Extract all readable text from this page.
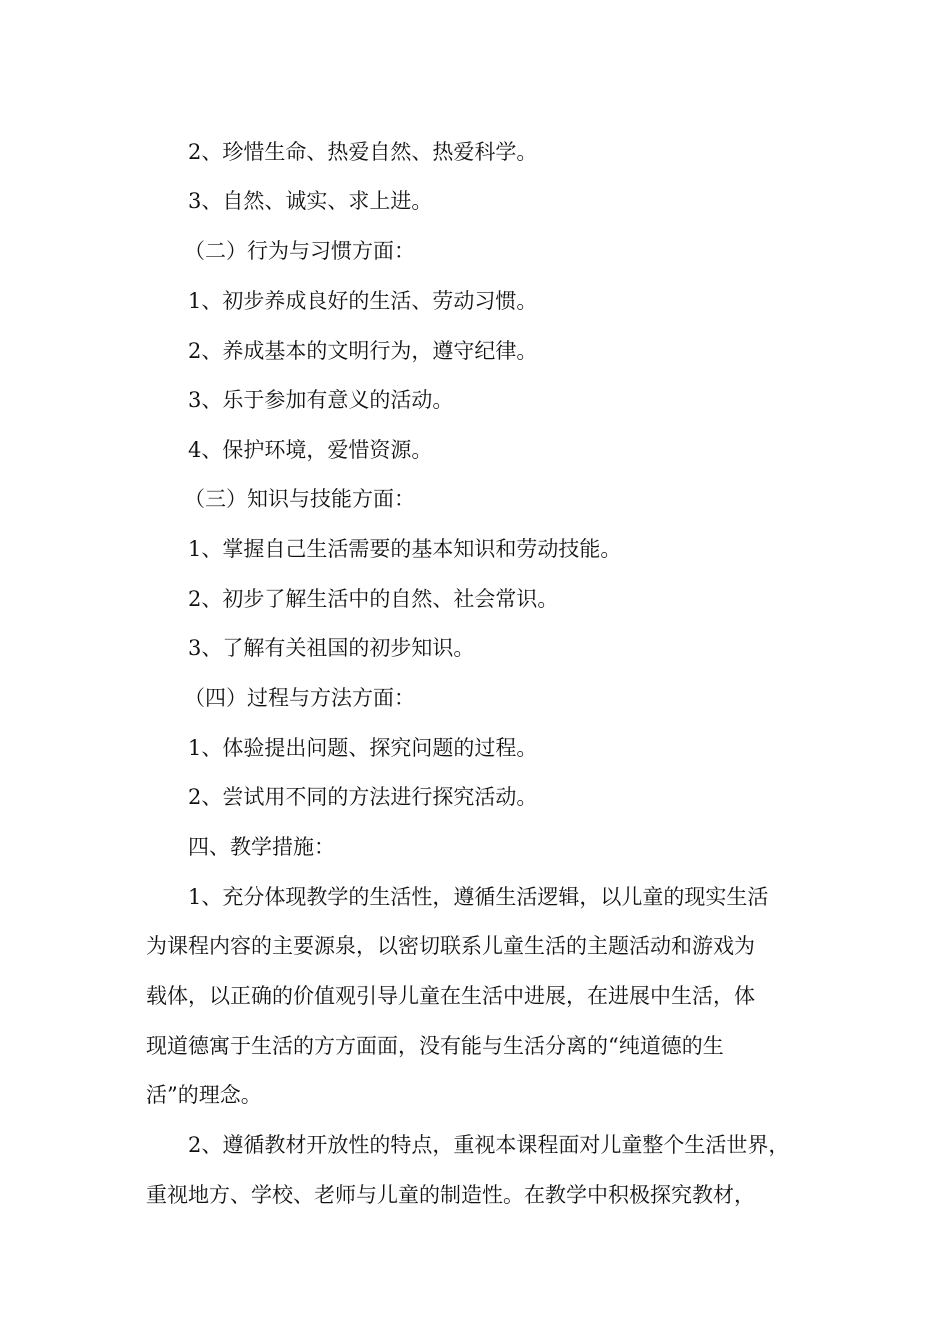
2、珍惜生命、热爱自然、热爱科学。
3、自然、诚实、求上进。
（二）行为与习惯方面：
1、初步养成良好的生活、劳动习惯。
2、养成基本的文明行为，遵守纪律。
3、乐于参加有意义的活动。
4、保护环境，爱惜资源。
（三）知识与技能方面：
1、掌握自己生活需要的基本知识和劳动技能。
2、初步了解生活中的自然、社会常识。
3、了解有关祖国的初步知识。
（四）过程与方法方面：
1、体验提出问题、探究问题的过程。
2、尝试用不同的方法进行探究活动。
四、教学措施：
1、充分体现教学的生活性，遵循生活逻辑，以儿童的现实生活
为课程内容的主要源泉，以密切联系儿童生活的主题活动和游戏为
载体，以正确的价值观引导儿童在生活中进展，在进展中生活，体
现道德寓于生活的方方面面，没有能与生活分离的“纯道德的生
活”的理念。
2、遵循教材开放性的特点，重视本课程面对儿童整个生活世界，
重视地方、学校、老师与儿童的制造性。在教学中积极探究教材，
